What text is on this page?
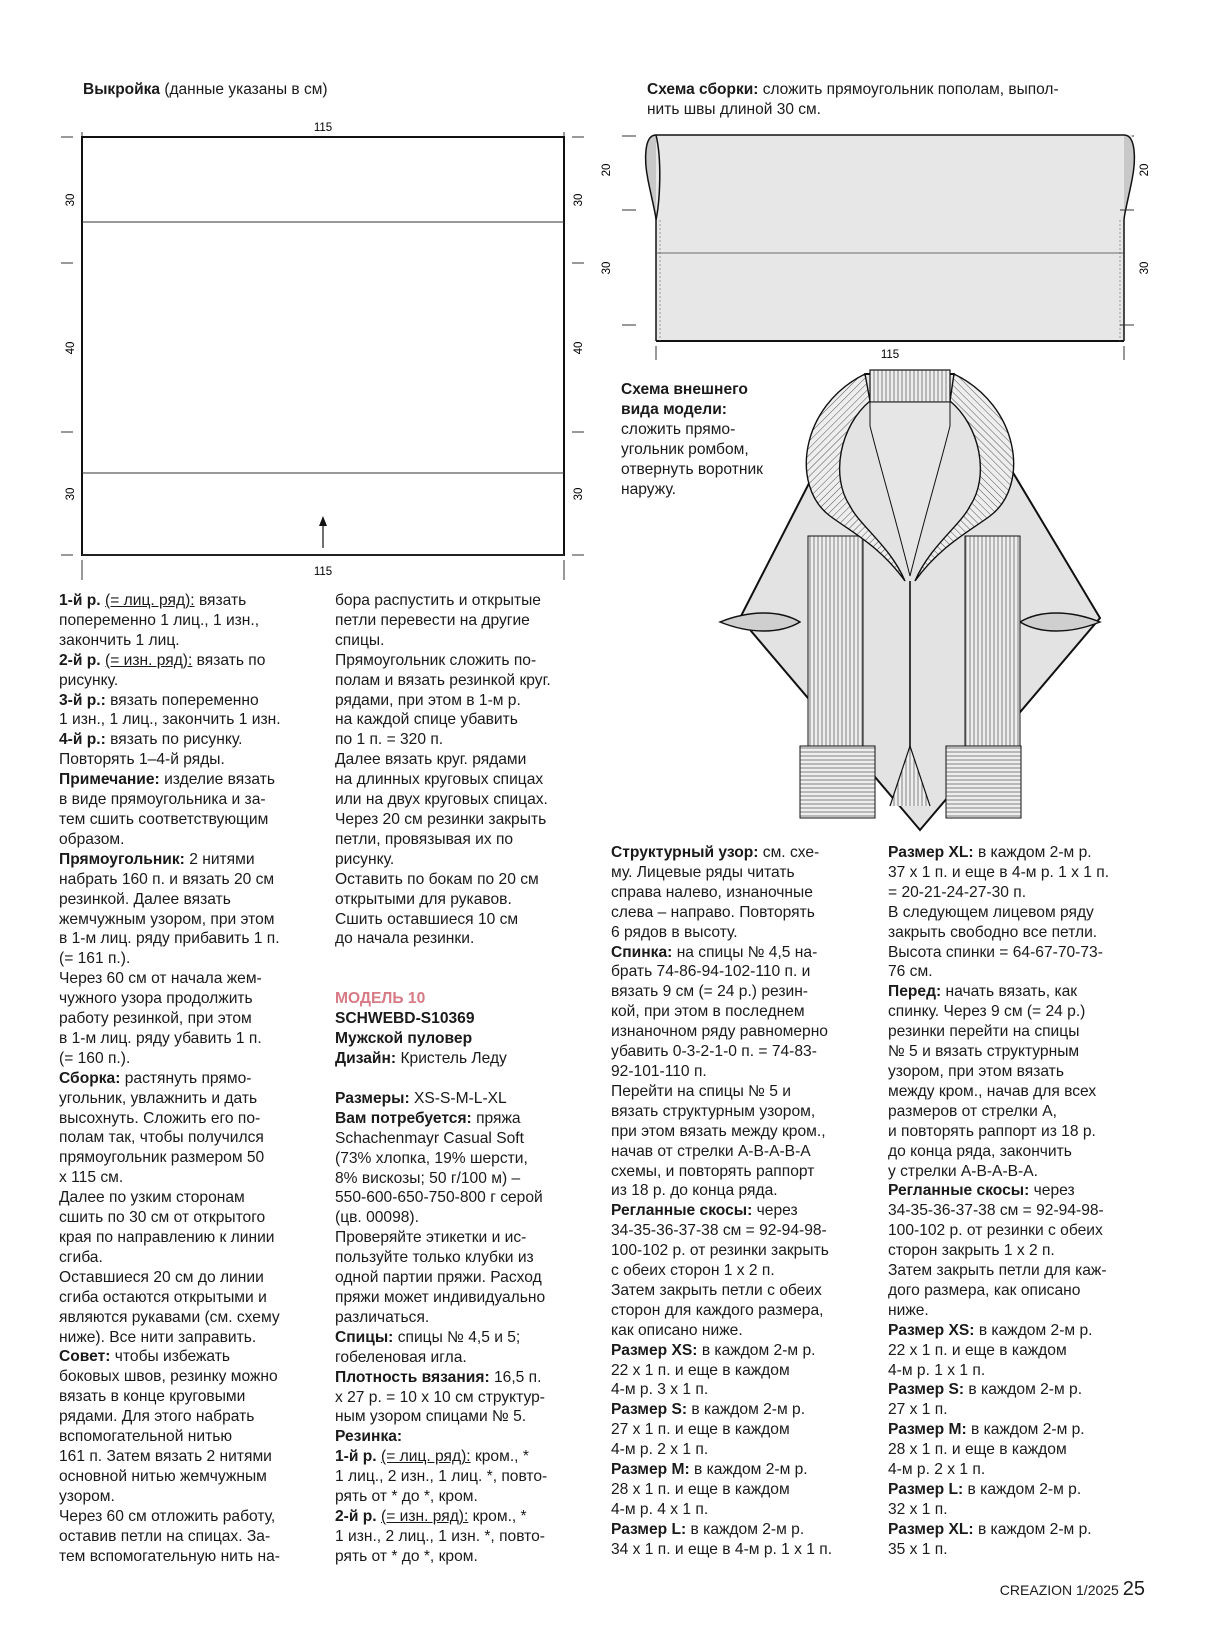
Выкройка (данные указаны в см)
115
115
30
40
30
30
40
30
Схема сборки: сложить прямоугольник пополам, выпол-
нить швы длиной 30 см.
20
30
20
30
115
Схема внешнего
вида модели:
сложить прямо-
угольник ромбом,
отвернуть воротник
наружу.

1-й р. (= лиц. ряд): вязать

попеременно 1 лиц., 1 изн.,

закончить 1 лиц.

2-й р. (= изн. ряд): вязать по

рисунку.

3-й р.: вязать попеременно

1 изн., 1 лиц., закончить 1 изн.

4-й р.: вязать по рисунку.

Повторять 1–4-й ряды.

Примечание: изделие вязать

в виде прямоугольника и за-

тем сшить соответствующим

образом.

Прямоугольник: 2 нитями

набрать 160 п. и вязать 20 см

резинкой. Далее вязать

жемчужным узором, при этом

в 1-м лиц. ряду прибавить 1 п.

(= 161 п.).

Через 60 см от начала жем-

чужного узора продолжить

работу резинкой, при этом

в 1-м лиц. ряду убавить 1 п.

(= 160 п.).

Сборка: растянуть прямо-

угольник, увлажнить и дать

высохнуть. Сложить его по-

полам так, чтобы получился

прямоугольник размером 50

х 115 см.

Далее по узким сторонам

сшить по 30 см от открытого

края по направлению к линии

сгиба.

Оставшиеся 20 см до линии

сгиба остаются открытыми и

являются рукавами (см. схему

ниже). Все нити заправить.

Совет: чтобы избежать

боковых швов, резинку можно

вязать в конце круговыми

рядами. Для этого набрать

вспомогательной нитью

161 п. Затем вязать 2 нитями

основной нитью жемчужным

узором.

Через 60 см отложить работу,

оставив петли на спицах. За-

тем вспомогательную нить на-

бора распустить и открытые

петли перевести на другие

спицы.

Прямоугольник сложить по-

полам и вязать резинкой круг.

рядами, при этом в 1-м р.

на каждой спице убавить

по 1 п. = 320 п.

Далее вязать круг. рядами

на длинных круговых спицах

или на двух круговых спицах.

Через 20 см резинки закрыть

петли, провязывая их по

рисунку.

Оставить по бокам по 20 см

открытыми для рукавов.

Сшить оставшиеся 10 см

до начала резинки.

МОДЕЛЬ 10

SCHWEBD-S10369

Мужской пуловер

Дизайн: Кристель Леду

Размеры: XS-S-M-L-XL

Вам потребуется: пряжа

Schachenmayr Casual Soft

(73% хлопка, 19% шерсти,

8% вискозы; 50 г/100 м) –

550-600-650-750-800 г серой

(цв. 00098).

Проверяйте этикетки и ис-

пользуйте только клубки из

одной партии пряжи. Расход

пряжи может индивидуально

различаться.

Спицы: спицы № 4,5 и 5;

гобеленовая игла.

Плотность вязания: 16,5 п.

х 27 р. = 10 х 10 см структур-

ным узором спицами № 5.

Резинка:

1-й р. (= лиц. ряд): кром., *

1 лиц., 2 изн., 1 лиц. *, повто-

рять от * до *, кром.

2-й р. (= изн. ряд): кром., *

1 изн., 2 лиц., 1 изн. *, повто-

рять от * до *, кром.

Структурный узор: см. схе-

му. Лицевые ряды читать

справа налево, изнаночные

слева – направо. Повторять

6 рядов в высоту.

Спинка: на спицы № 4,5 на-

брать 74-86-94-102-110 п. и

вязать 9 см (= 24 р.) резин-

кой, при этом в последнем

изнаночном ряду равномерно

убавить 0-3-2-1-0 п. = 74-83-

92-101-110 п.

Перейти на спицы № 5 и

вязать структурным узором,

при этом вязать между кром.,

начав от стрелки A-B-A-B-A

схемы, и повторять раппорт

из 18 р. до конца ряда.

Регланные скосы: через

34-35-36-37-38 см = 92-94-98-

100-102 р. от резинки закрыть

с обеих сторон 1 х 2 п.

Затем закрыть петли с обеих

сторон для каждого размера,

как описано ниже.

Размер XS: в каждом 2-м р.

22 х 1 п. и еще в каждом

4-м р. 3 х 1 п.

Размер S: в каждом 2-м р.

27 х 1 п. и еще в каждом

4-м р. 2 х 1 п.

Размер M: в каждом 2-м р.

28 х 1 п. и еще в каждом

4-м р. 4 х 1 п.

Размер L: в каждом 2-м р.

34 х 1 п. и еще в 4-м р. 1 х 1 п.

Размер XL: в каждом 2-м р.

37 х 1 п. и еще в 4-м р. 1 х 1 п.

= 20-21-24-27-30 п.

В следующем лицевом ряду

закрыть свободно все петли.

Высота спинки = 64-67-70-73-

76 см.

Перед: начать вязать, как

спинку. Через 9 см (= 24 р.)

резинки перейти на спицы

№ 5 и вязать структурным

узором, при этом вязать

между кром., начав для всех

размеров от стрелки A,

и повторять раппорт из 18 р.

до конца ряда, закончить

у стрелки A-B-A-B-A.

Регланные скосы: через

34-35-36-37-38 см = 92-94-98-

100-102 р. от резинки с обеих

сторон закрыть 1 х 2 п.

Затем закрыть петли для каж-

дого размера, как описано

ниже.

Размер XS: в каждом 2-м р.

22 х 1 п. и еще в каждом

4-м р. 1 х 1 п.

Размер S: в каждом 2-м р.

27 х 1 п.

Размер M: в каждом 2-м р.

28 х 1 п. и еще в каждом

4-м р. 2 х 1 п.

Размер L: в каждом 2-м р.

32 х 1 п.

Размер XL: в каждом 2-м р.

35 х 1 п.

CREAZION 1/2025 25
